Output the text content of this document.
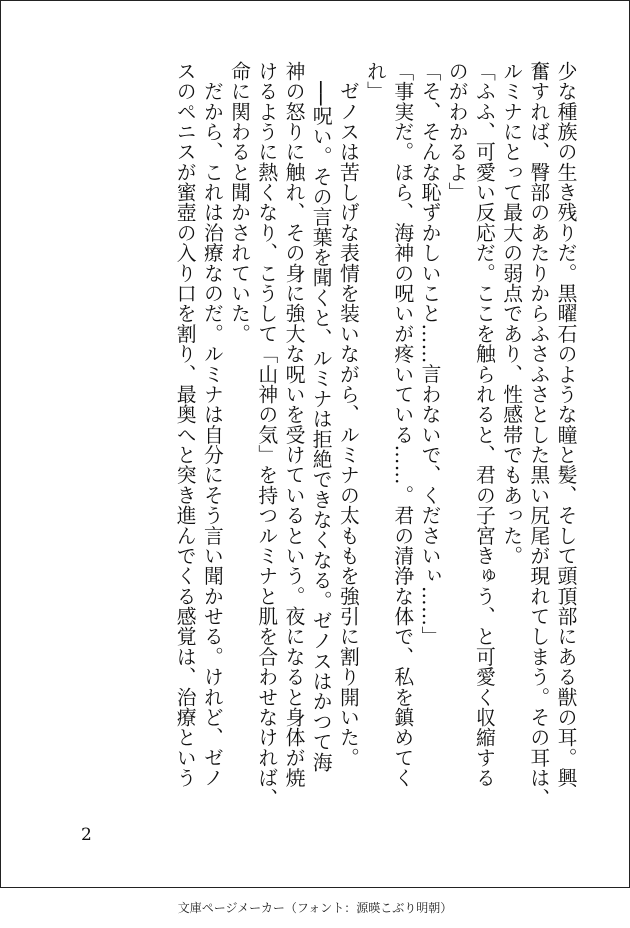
少な種族の生き残りだ。黒曜石のような瞳と髪、そして頭頂部にある獣の耳。興
奮すれば、臀部のあたりからふさふさとした黒い尻尾が現れてしまう。その耳は、
ルミナにとって最大の弱点であり、性感帯でもあった。
「ふふ、可愛い反応だ。ここを触られると、君の子宮きゅう、と可愛く収縮する
のがわかるよ」
「そ、そんな恥ずかしいこと……言わないで、くださいぃ……」
「事実だ。ほら、海神の呪いが疼いている……。君の清浄な体で、私を鎮めてく
れ」
　ゼノスは苦しげな表情を装いながら、ルミナの太ももを強引に割り開いた。
　──呪い。その言葉を聞くと、ルミナは拒絶できなくなる。ゼノスはかつて海
神の怒りに触れ、その身に強大な呪いを受けているという。夜になると身体が焼
けるように熱くなり、こうして「山神の気」を持つルミナと肌を合わせなければ、
命に関わると聞かされていた。
　だから、これは治療なのだ。ルミナは自分にそう言い聞かせる。けれど、ゼノ
スのペニスが蜜壺の入り口を割り、最奥へと突き進んでくる感覚は、治療という
2
文庫ページメーカー（フォント：源暎こぶり明朝）
